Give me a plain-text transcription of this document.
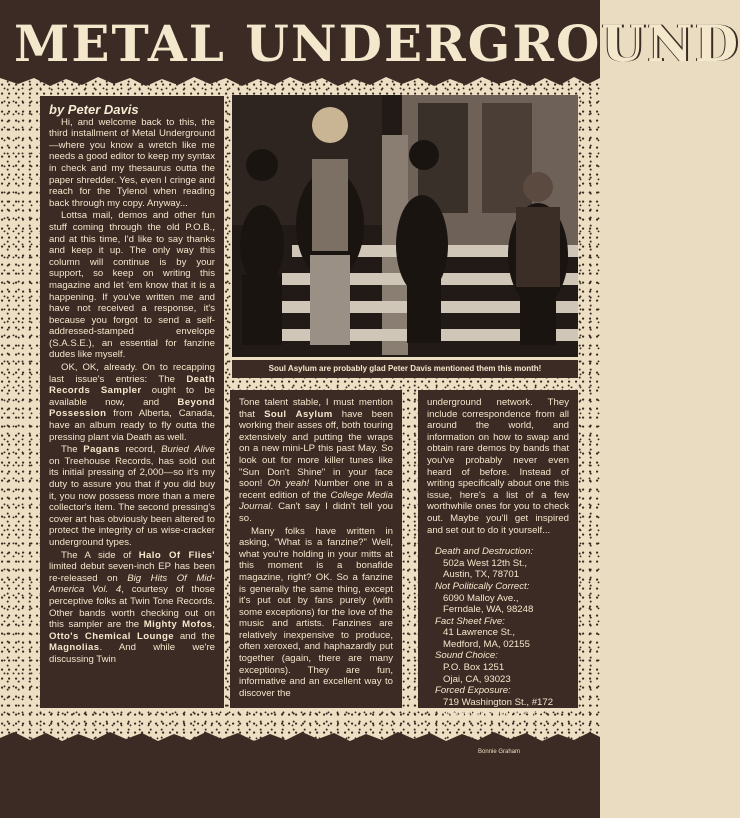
METAL UNDERGROUND

by Peter Davis

Hi, and welcome back to this, the third installment of Metal Underground—where you know a wretch like me needs a good editor to keep my syntax in check and my thesaurus outta the paper shredder. Yes, even I cringe and reach for the Tylenol when reading back through my copy. Anyway...

Lottsa mail, demos and other fun stuff coming through the old P.O.B., and at this time, I'd like to say thanks and keep it up. The only way this column will continue is by your support, so keep on writing this magazine and let 'em know that it is a happening. If you've written me and have not received a response, it's because you forgot to send a self-addressed-stamped envelope (S.A.S.E.), an essential for fanzine dudes like myself.

OK, OK, already. On to recapping last issue's entries: The Death Records Sampler ought to be available now, and Beyond Possession from Alberta, Canada, have an album ready to fly outta the pressing plant via Death as well.

The Pagans record, Buried Alive on Treehouse Records, has sold out its initial pressing of 2,000—so it's my duty to assure you that if you did buy it, you now possess more than a mere collector's item. The second pressing's cover art has obviously been altered to protect the integrity of us wise-cracker underground types.

The A side of Halo Of Flies' limited debut seven-inch EP has been re-released on Big Hits Of Mid-America Vol. 4, courtesy of those perceptive folks at Twin Tone Records. Other bands worth checking out on this sampler are the Mighty Mofos, Otto's Chemical Lounge and the Magnolias. And while we're discussing Twin

Soul Asylum are probably glad Peter Davis mentioned them this month!

Tone talent stable, I must mention that Soul Asylum have been working their asses off, both touring extensively and putting the wraps on a new mini-LP this past May. So look out for more killer tunes like "Sun Don't Shine" in your face soon! Oh yeah! Number one in a recent edition of the College Media Journal. Can't say I didn't tell you so.

Many folks have written in asking, "What is a fanzine?" Well, what you're holding in your mitts at this moment is a bonafide magazine, right? OK. So a fanzine is generally the same thing, except it's put out by fans purely (with some exceptions) for the love of the music and artists. Fanzines are relatively inexpensive to produce, often xeroxed, and haphazardly put together (again, there are many exceptions). They are fun, informative and an excellent way to discover the

underground network. They include correspondence from all around the world, and information on how to swap and obtain rare demos by bands that you've probably never even heard of before. Instead of writing specifically about one this issue, here's a list of a few worthwhile ones for you to check out. Maybe you'll get inspired and set out to do it yourself...

Death and Destruction:
502a West 12th St.,
Austin, TX, 78701
Not Politically Correct:
6090 Malloy Ave.,
Ferndale, WA, 98248
Fact Sheet Five:
41 Lawrence St.,
Medford, MA, 02155
Sound Choice:
P.O. Box 1251
Ojai, CA, 93023
Forced Exposure:
719 Washington St., #172
Newtonville, MA, 02160
Bonnie Graham
